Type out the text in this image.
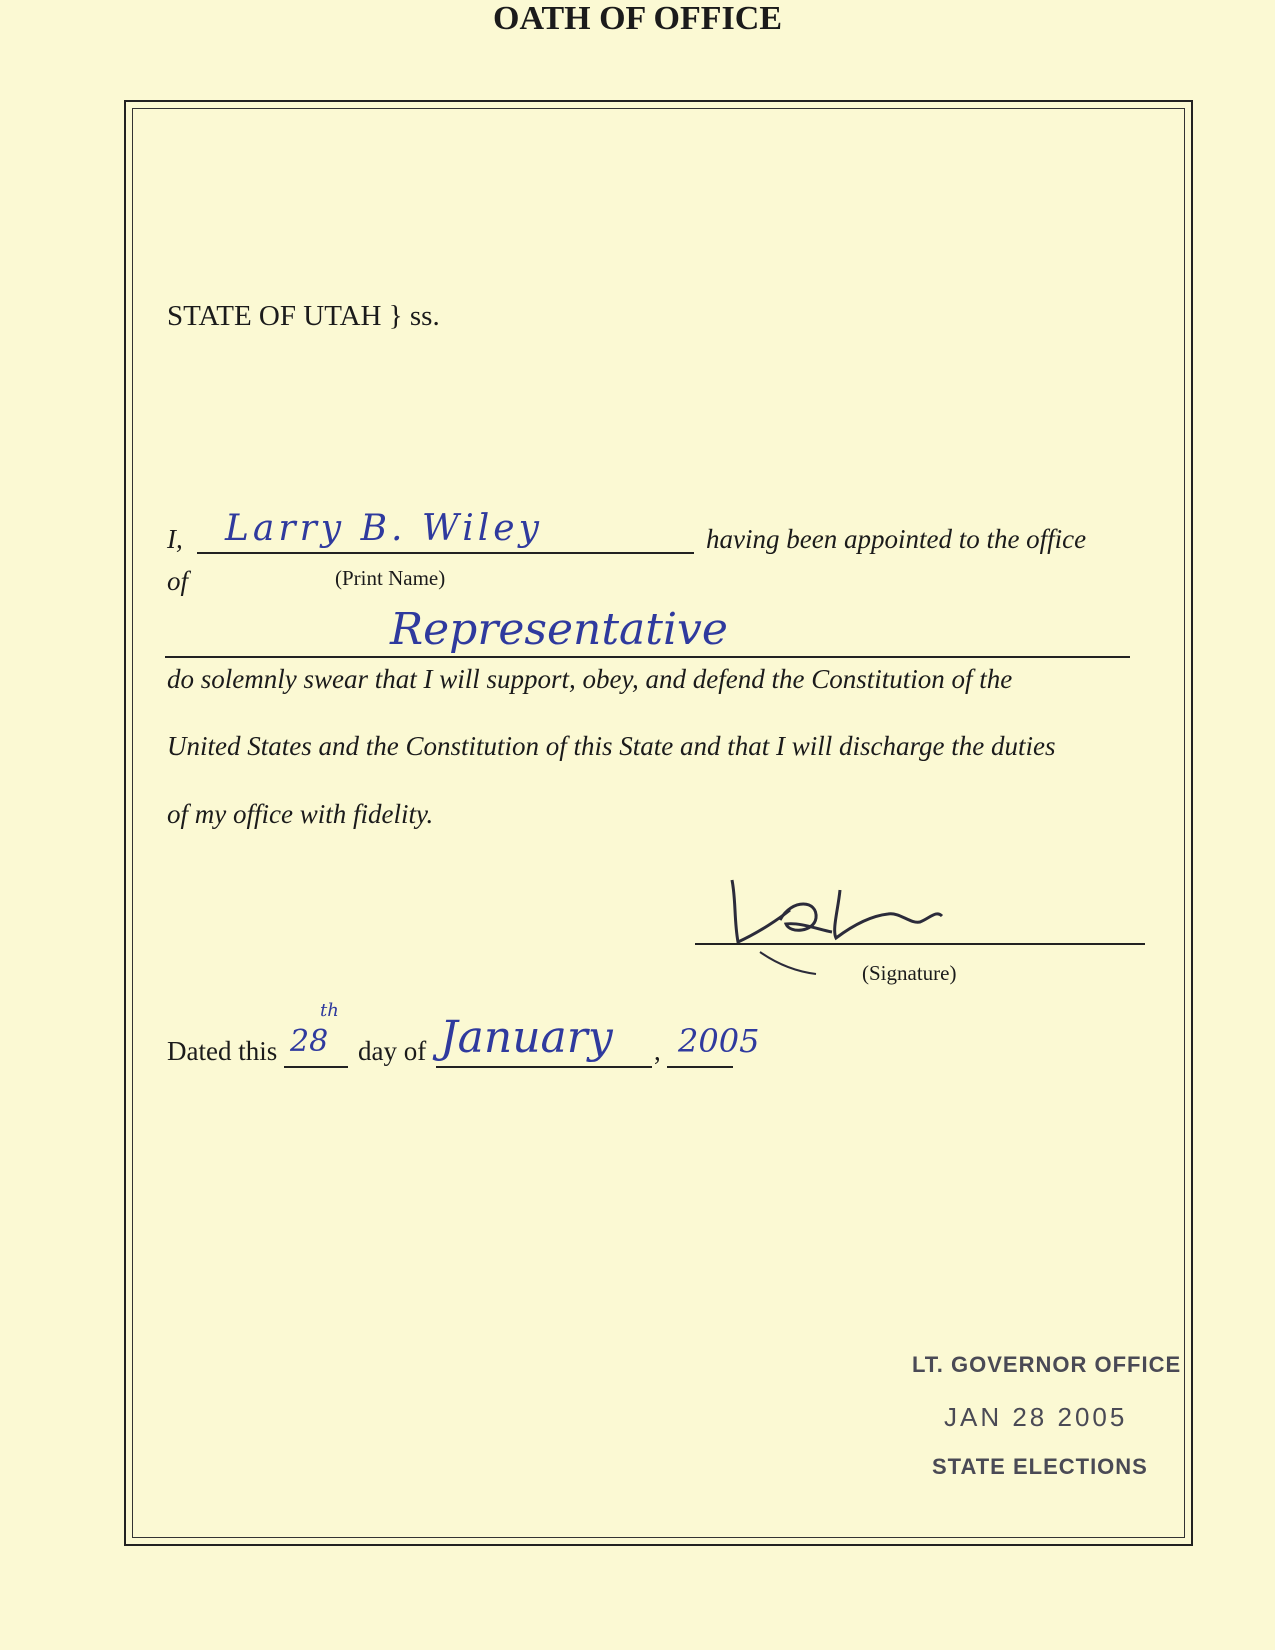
STATE OF UTAH } ss.
OATH OF OFFICE
I, Larry B. Wiley	having been appointed to the office
of	(Print Name)
Representative
do solemnly swear that I will support, obey, and defend the Constitution of the
United States and the Constitution of this State and that I will discharge the duties
of my office with fidelity.
(Signature)
Dated this 28
th
day of January , 2005
LT. GOVERNOR OFFICE
JAN 28 2005
STATE ELECTIONS
